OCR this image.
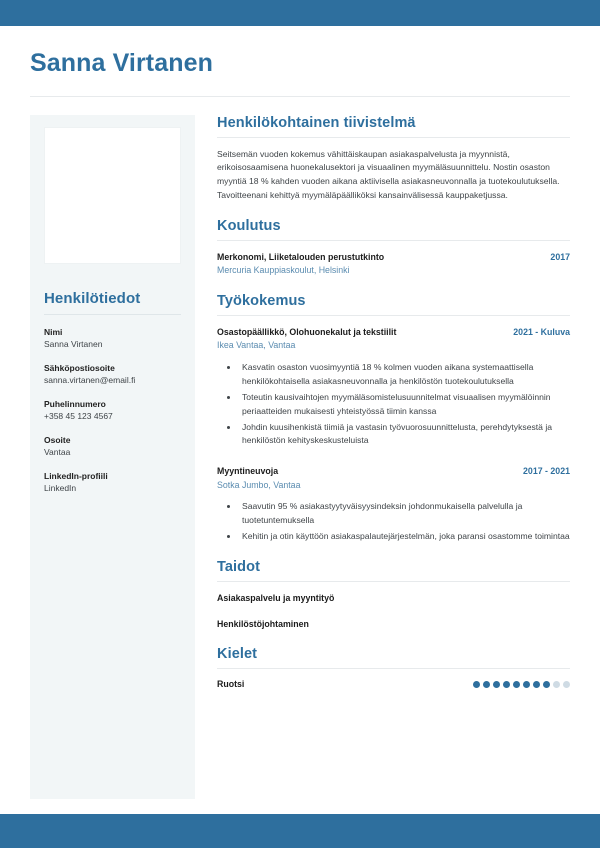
Sanna Virtanen
Henkilötiedot
Nimi
Sanna Virtanen
Sähköpostiosoite
sanna.virtanen@email.fi
Puhelinnumero
+358 45 123 4567
Osoite
Vantaa
LinkedIn-profiili
LinkedIn
Henkilökohtainen tiivistelmä

Seitsemän vuoden kokemus vähittäiskaupan asiakaspalvelusta ja myynnistä, erikoisosaamisena huonekalusektori ja visuaalinen myymäläsuunnittelu. Nostin osaston myyntiä 18 % kahden vuoden aikana aktiivisella asiakasneuvonnalla ja tuotekoulutuksella. Tavoitteenani kehittyä myymäläpäälliköksi kansainvälisessä kauppaketjussa.

Koulutus
Merkonomi, Liiketalouden perustutkinto	2017
Mercuria Kauppiaskoulut, Helsinki
Työkokemus
Osastopäällikkö, Olohuonekalut ja tekstiilit	2021 - Kuluva
Ikea Vantaa, Vantaa
• Kasvatin osaston vuosimyyntiä 18 % kolmen vuoden aikana systemaattisella henkilökohtaisella asiakasneuvonnalla ja henkilöstön tuotekoulutuksella
• Toteutin kausivaihtojen myymäläsomistelusuunnitelmat visuaalisen myymälöinnin periaatteiden mukaisesti yhteistyössä tiimin kanssa
• Johdin kuusihenkistä tiimiä ja vastasin työvuorosuunnittelusta, perehdytyksestä ja henkilöstön kehityskeskusteluista
Myyntineuvoja	2017 - 2021
Sotka Jumbo, Vantaa
• Saavutin 95 % asiakastyytyväisyysindeksin johdonmukaisella palvelulla ja tuotetuntemuksella
• Kehitin ja otin käyttöön asiakaspalautejärjestelmän, joka paransi osastomme toimintaa
Taidot
Asiakaspalvelu ja myyntityö
Henkilöstöjohtaminen
Kielet
Ruotsi
